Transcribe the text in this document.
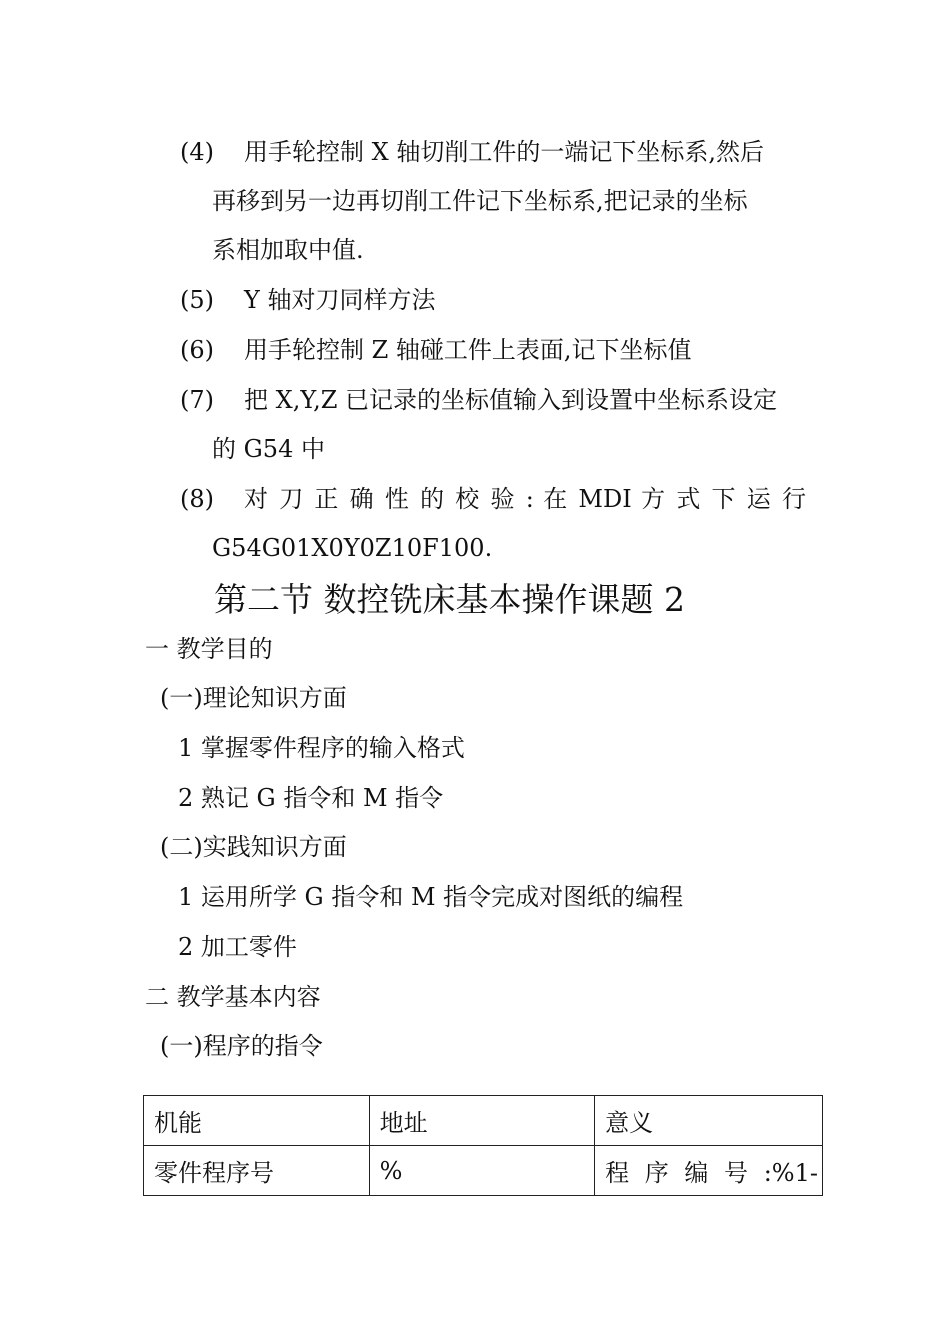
(4) 用手轮控制 X 轴切削工件的一端记下坐标系,然后
再移到另一边再切削工件记下坐标系,把记录的坐标
系相加取中值.
(5) Y 轴对刀同样方法
(6) 用手轮控制 Z 轴碰工件上表面,记下坐标值
(7) 把 X,Y,Z 已记录的坐标值输入到设置中坐标系设定
的 G54 中
(8) 对 刀 正 确 性 的 校 验 : 在 MDI 方 式 下 运 行
G54G01X0Y0Z10F100.
第二节 数控铣床基本操作课题 2
一 教学目的
(一)理论知识方面
1 掌握零件程序的输入格式
2 熟记 G 指令和 M 指令
(二)实践知识方面
1 运用所学 G 指令和 M 指令完成对图纸的编程
2 加工零件
二 教学基本内容
(一)程序的指令
机能	地址	意义
零件程序号	%	程 序 编 号 :%1-
